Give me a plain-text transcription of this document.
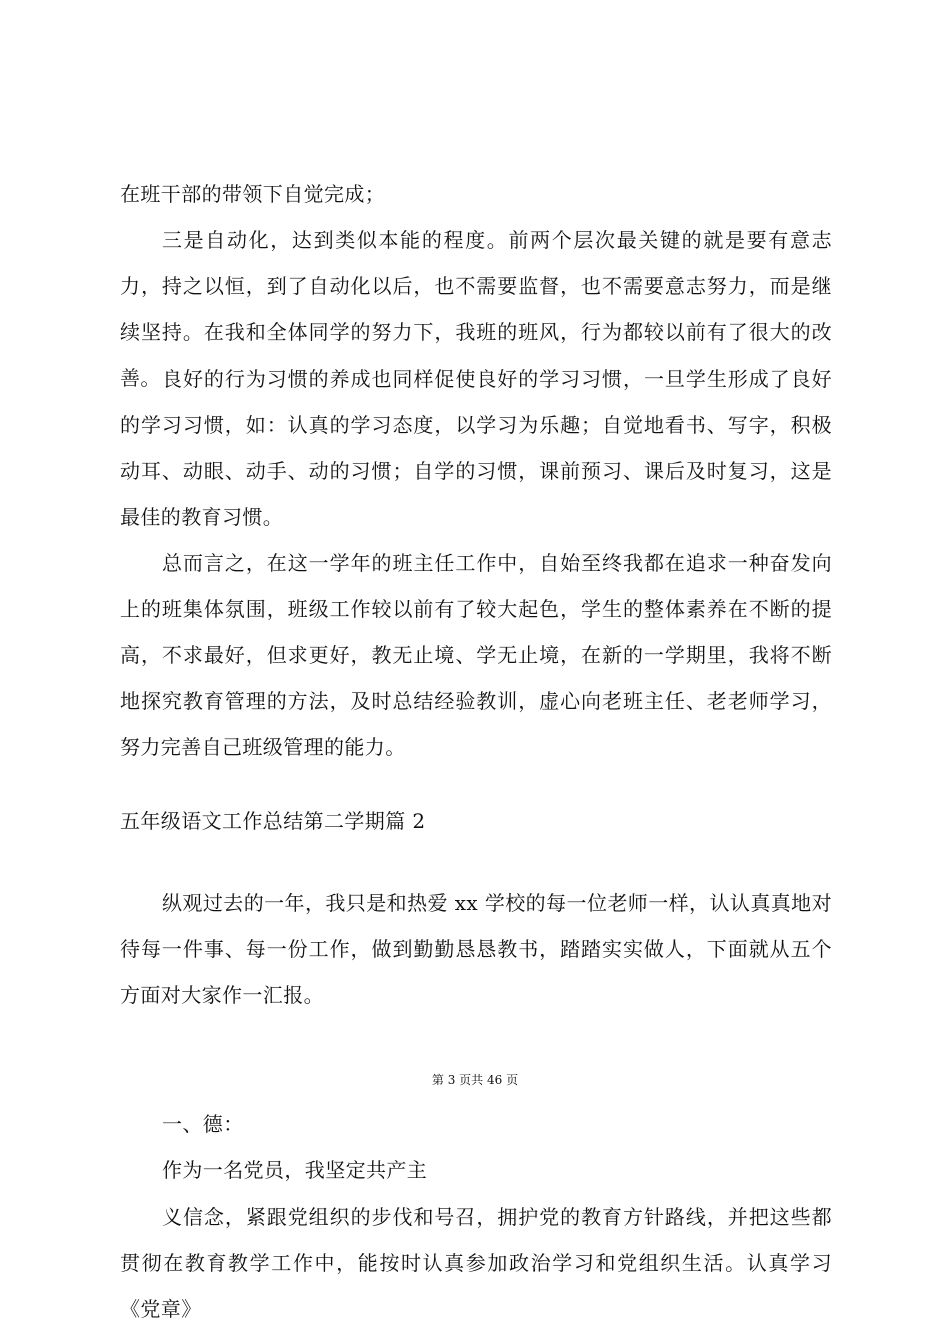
在班干部的带领下自觉完成；

三是自动化，达到类似本能的程度。前两个层次最关键的就是要有意志力，持之以恒，到了自动化以后，也不需要监督，也不需要意志努力，而是继续坚持。在我和全体同学的努力下，我班的班风，行为都较以前有了很大的改善。 良好的行为习惯的养成也同样促使良好的学习习惯，一旦学生形成了良好的学习习惯，如：认真的学习态度，以学习为乐趣；自觉地看书、写字，积极动耳、动眼、动手、动的习惯；自学的习惯，课前预习、课后及时复习，这是最佳的教育习惯。

总而言之，在这一学年的班主任工作中，自始至终我都在追求一种奋发向上的班集体氛围，班级工作较以前有了较大起色，学生的整体素养在不断的提高，不求最好，但求更好，教无止境、学无止境，在新的一学期里，我将不断地探究教育管理的方法，及时总结经验教训，虚心向老班主任、老老师学习，努力完善自己班级管理的能力。

五年级语文工作总结第二学期篇 2

纵观过去的一年，我只是和热爱 xx 学校的每一位老师一样，认认真真地对待每一件事、每一份工作，做到勤勤恳恳教书，踏踏实实做人，下面就从五个方面对大家作一汇报。

第 3 页共 46 页

一、德：

作为一名党员，我坚定共产主

义信念，紧跟党组织的步伐和号召，拥护党的教育方针路线，并把这些都贯彻在教育教学工作中，能按时认真参加政治学习和党组织生活。认真学习《党章》
